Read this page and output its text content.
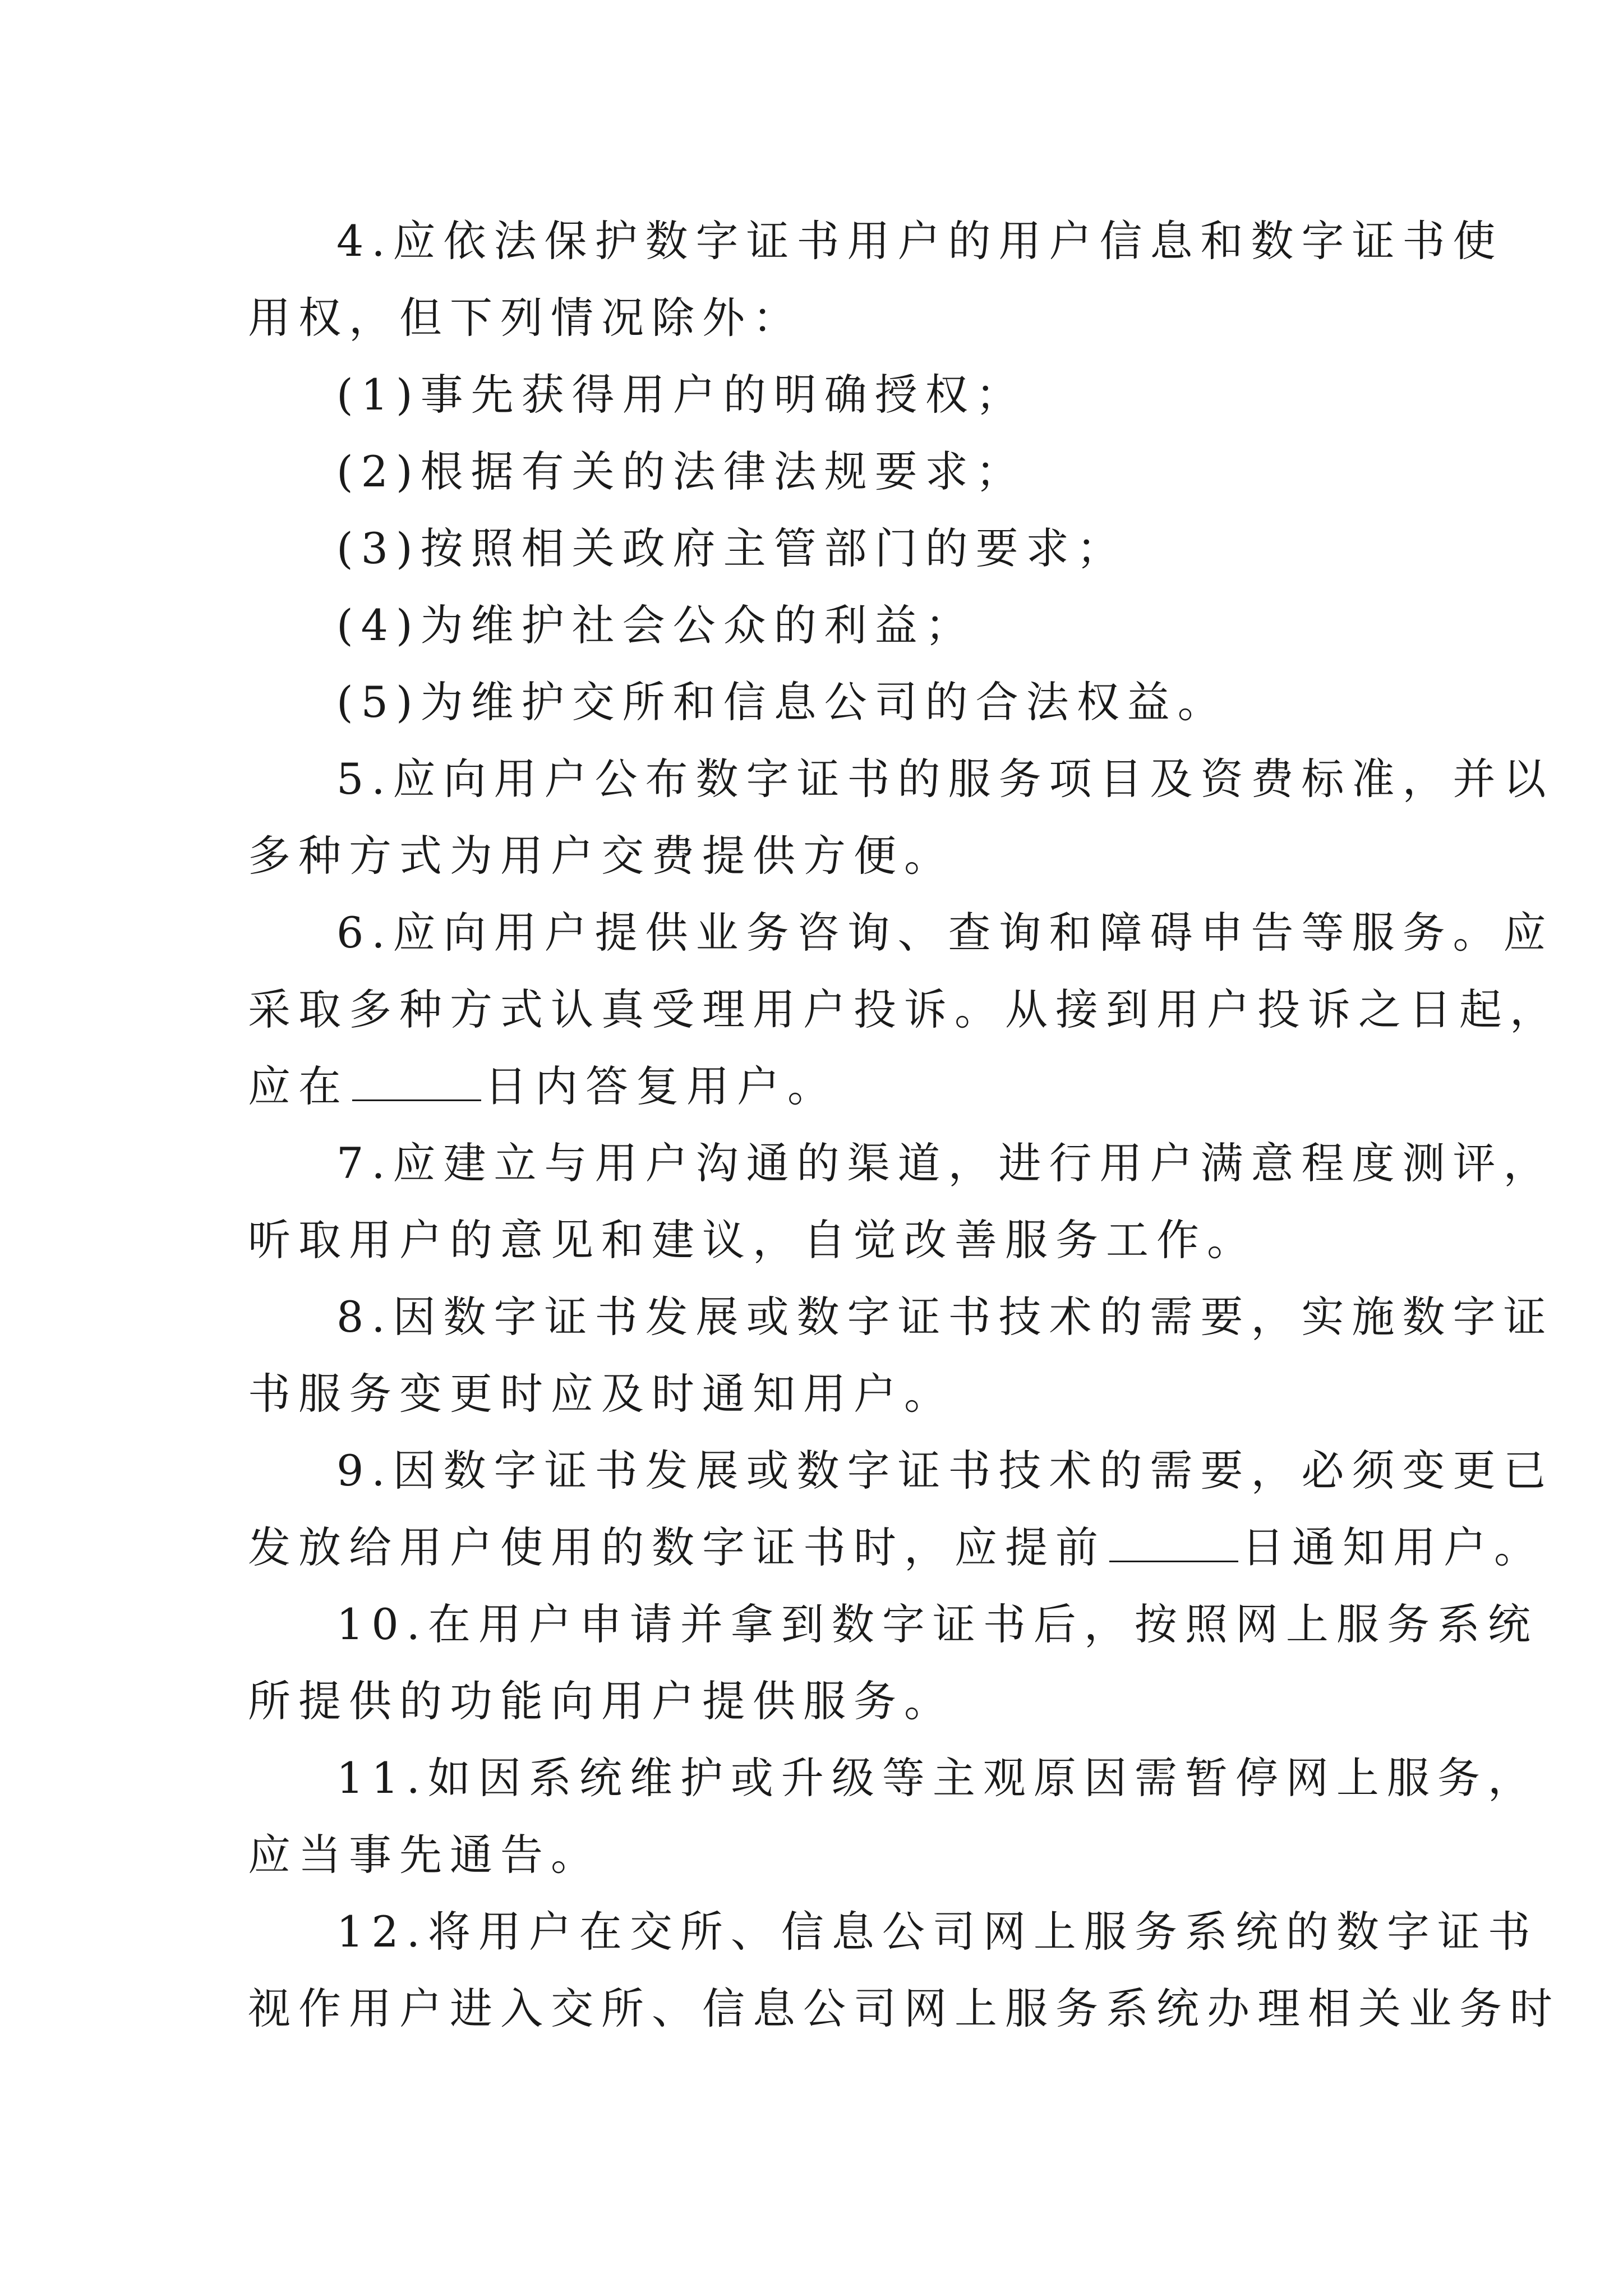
4.应依法保护数字证书用户的用户信息和数字证书使
用权，但下列情况除外：
(1)事先获得用户的明确授权；
(2)根据有关的法律法规要求；
(3)按照相关政府主管部门的要求；
(4)为维护社会公众的利益；
(5)为维护交所和信息公司的合法权益。
5.应向用户公布数字证书的服务项目及资费标准，并以
多种方式为用户交费提供方便。
6.应向用户提供业务咨询、查询和障碍申告等服务。应
采取多种方式认真受理用户投诉。从接到用户投诉之日起，
应在	日内答复用户。
7.应建立与用户沟通的渠道，进行用户满意程度测评，
听取用户的意见和建议，自觉改善服务工作。
8.因数字证书发展或数字证书技术的需要，实施数字证
书服务变更时应及时通知用户。
9.因数字证书发展或数字证书技术的需要，必须变更已
发放给用户使用的数字证书时，应提前	日通知用户。
10.在用户申请并拿到数字证书后，按照网上服务系统
所提供的功能向用户提供服务。
11.如因系统维护或升级等主观原因需暂停网上服务，
应当事先通告。
12.将用户在交所、信息公司网上服务系统的数字证书
视作用户进入交所、信息公司网上服务系统办理相关业务时
